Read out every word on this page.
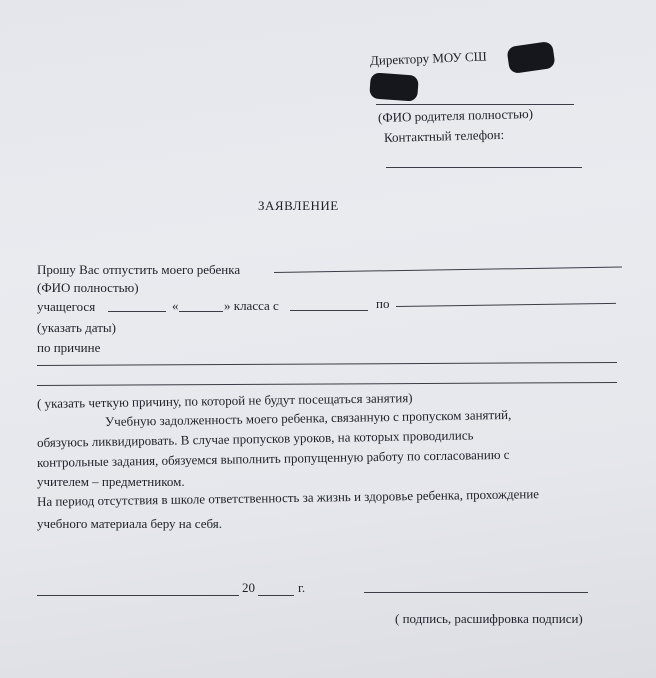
Директору МОУ СШ
(ФИО родителя полностью)
Контактный телефон:
ЗАЯВЛЕНИЕ
Прошу Вас отпустить моего ребенка
(ФИО полностью)
учащегося	«	» класса с	по
(указать даты)
по причине
( указать четкую причину, по которой не будут посещаться занятия)
Учебную задолженность моего ребенка, связанную с пропуском занятий,
обязуюсь ликвидировать. В случае пропусков уроков, на которых проводились
контрольные задания, обязуемся выполнить пропущенную работу по согласованию с
учителем – предметником.
На период отсутствия в школе ответственность за жизнь и здоровье ребенка, прохождение
учебного материала беру на себя.
20	г.
( подпись, расшифровка подписи)
